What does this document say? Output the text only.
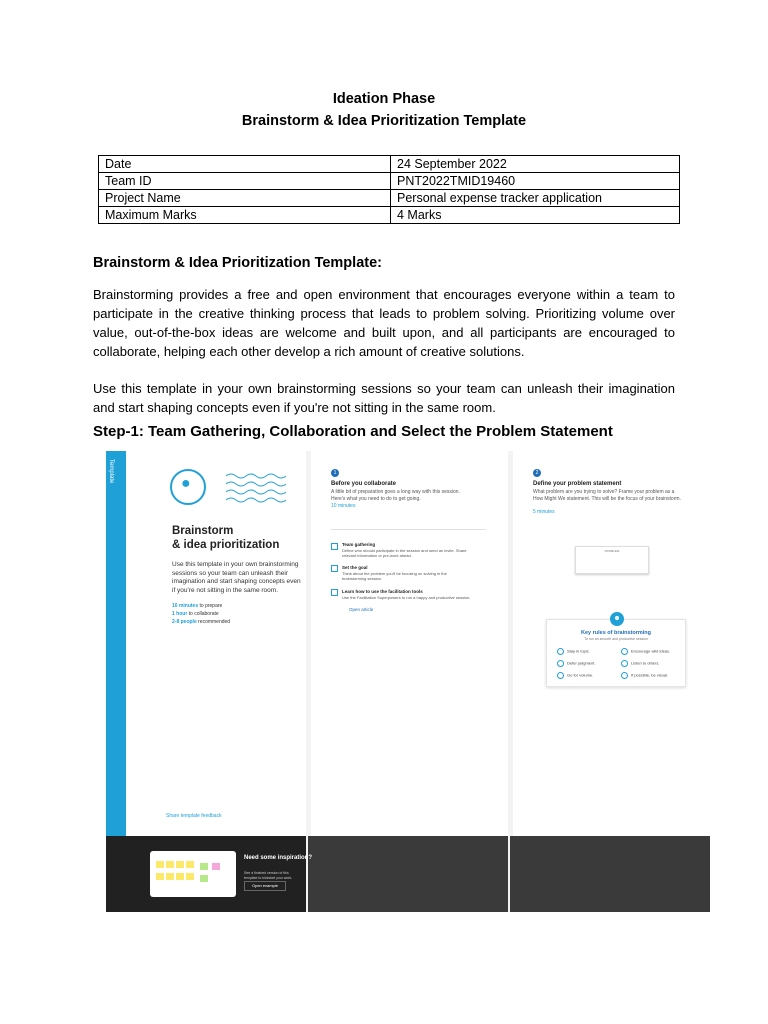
Ideation Phase
Brainstorm & Idea Prioritization Template
Date	24 September 2022
Team ID	PNT2022TMID19460
Project Name	Personal expense tracker application
Maximum Marks	4 Marks
Brainstorm & Idea Prioritization Template:

Brainstorming provides a free and open environment that encourages everyone within a team to participate in the creative thinking process that leads to problem solving. Prioritizing volume over value, out-of-the-box ideas are welcome and built upon, and all participants are encouraged to collaborate, helping each other develop a rich amount of creative solutions.

Use this template in your own brainstorming sessions so your team can unleash their imagination and start shaping concepts even if you're not sitting in the same room.

Step-1: Team Gathering, Collaboration and Select the Problem Statement
Template
●
Brainstorm
& idea prioritization
Use this template in your own brainstorming sessions so your team can unleash their imagination and start shaping concepts even if you're not sitting in the same room.
10 minutes to prepare
1 hour to collaborate
2-8 people recommended
Share template feedback
1
Before you collaborate
A little bit of preparation goes a long way with this session. Here's what you need to do to get going.
10 minutes
Team gathering
Define who should participate in the session and send an invite. Share relevant information or pre-work ahead.
Set the goal
Think about the problem you'll be focusing on solving in the brainstorming session.
Learn how to use the facilitation tools
Use the Facilitation Superpowers to run a happy and productive session.
Open article
2
Define your problem statement
What problem are you trying to solve? Frame your problem as a How Might We statement. This will be the focus of your brainstorm.
5 minutes
PROBLEM
☻
Key rules of brainstorming
To run an smooth and productive session
Stay in topic.	Encourage wild ideas.
Defer judgment.	Listen to others.
Go for volume.	If possible, be visual.
Need some inspiration?
See a finished version of this template to kickstart your work.
Open example
